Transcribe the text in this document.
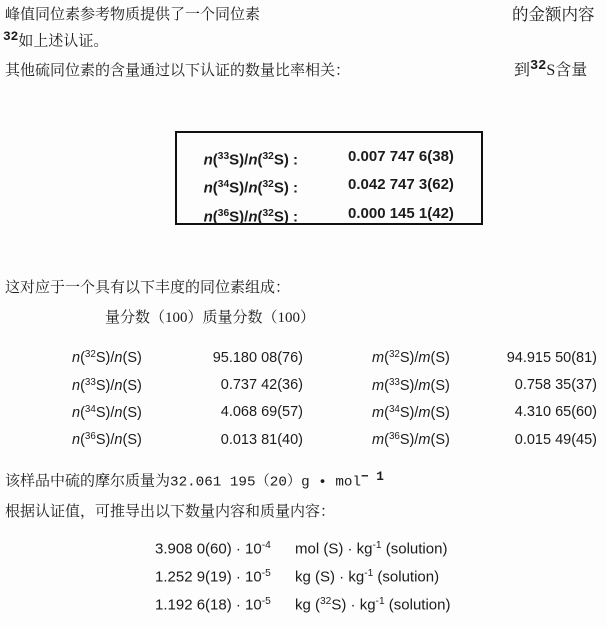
峰值同位素参考物质提供了一个同位素	的金额内容
$^{32}$如上述认证。
其他硫同位素的含量通过以下认证的数量比率相关：	到$^{32}$S含量
n($^{33}$S)/n($^{32}$S) :	0.007 747 6(38)
n($^{34}$S)/n($^{32}$S) :	0.042 747 3(62)
n($^{36}$S)/n($^{32}$S) :	0.000 145 1(42)
这对应于一个具有以下丰度的同位素组成：
量分数（100）质量分数（100）
n($^{32}$S)/n(S)	95.180 08(76)	m($^{32}$S)/m(S)	94.915 50(81)
n($^{33}$S)/n(S)	0.737 42(36)	m($^{33}$S)/m(S)	0.758 35(37)
n($^{34}$S)/n(S)	4.068 69(57)	m($^{34}$S)/m(S)	4.310 65(60)
n($^{36}$S)/n(S)	0.013 81(40)	m($^{36}$S)/m(S)	0.015 49(45)
该样品中硫的摩尔质量为32.061 195（20）g • mol$^{- 1}$
根据认证值，可推导出以下数量内容和质量内容：
3.908 $0(60) \cdot 10^{-4}$	mol $(S) \cdot kg^{-1}$ (solution)
1.252 $9(19) \cdot 10^{-5}$	kg $(S) \cdot kg^{-1}$ (solution)
1.192 $6(18) \cdot 10^{-5}$	kg $(^{32}S) \cdot kg^{-1}$ (solution)
